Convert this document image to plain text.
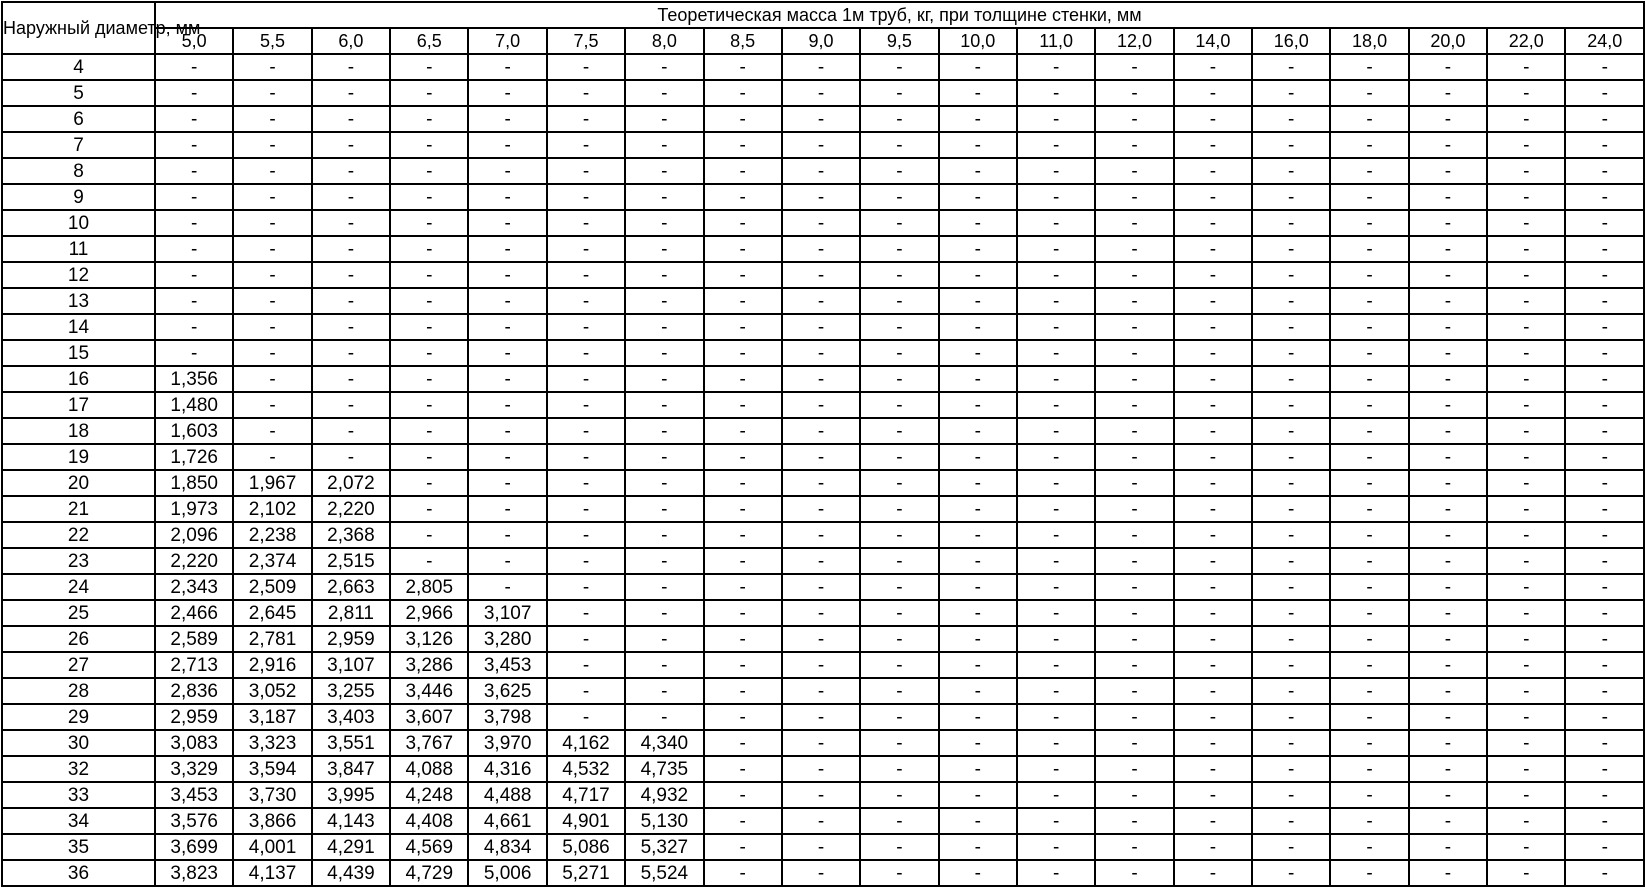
Наружный диаметр, мм	Теоретическая масса 1м труб, кг, при толщине стенки, мм																		
	5,0	5,5	6,0	6,5	7,0	7,5	8,0	8,5	9,0	9,5	10,0	11,0	12,0	14,0	16,0	18,0	20,0	22,0	24,0
4	-	-	-	-	-	-	-	-	-	-	-	-	-	-	-	-	-	-	-
5	-	-	-	-	-	-	-	-	-	-	-	-	-	-	-	-	-	-	-
6	-	-	-	-	-	-	-	-	-	-	-	-	-	-	-	-	-	-	-
7	-	-	-	-	-	-	-	-	-	-	-	-	-	-	-	-	-	-	-
8	-	-	-	-	-	-	-	-	-	-	-	-	-	-	-	-	-	-	-
9	-	-	-	-	-	-	-	-	-	-	-	-	-	-	-	-	-	-	-
10	-	-	-	-	-	-	-	-	-	-	-	-	-	-	-	-	-	-	-
11	-	-	-	-	-	-	-	-	-	-	-	-	-	-	-	-	-	-	-
12	-	-	-	-	-	-	-	-	-	-	-	-	-	-	-	-	-	-	-
13	-	-	-	-	-	-	-	-	-	-	-	-	-	-	-	-	-	-	-
14	-	-	-	-	-	-	-	-	-	-	-	-	-	-	-	-	-	-	-
15	-	-	-	-	-	-	-	-	-	-	-	-	-	-	-	-	-	-	-
16	1,356	-	-	-	-	-	-	-	-	-	-	-	-	-	-	-	-	-	-
17	1,480	-	-	-	-	-	-	-	-	-	-	-	-	-	-	-	-	-	-
18	1,603	-	-	-	-	-	-	-	-	-	-	-	-	-	-	-	-	-	-
19	1,726	-	-	-	-	-	-	-	-	-	-	-	-	-	-	-	-	-	-
20	1,850	1,967	2,072	-	-	-	-	-	-	-	-	-	-	-	-	-	-	-	-
21	1,973	2,102	2,220	-	-	-	-	-	-	-	-	-	-	-	-	-	-	-	-
22	2,096	2,238	2,368	-	-	-	-	-	-	-	-	-	-	-	-	-	-	-	-
23	2,220	2,374	2,515	-	-	-	-	-	-	-	-	-	-	-	-	-	-	-	-
24	2,343	2,509	2,663	2,805	-	-	-	-	-	-	-	-	-	-	-	-	-	-	-
25	2,466	2,645	2,811	2,966	3,107	-	-	-	-	-	-	-	-	-	-	-	-	-	-
26	2,589	2,781	2,959	3,126	3,280	-	-	-	-	-	-	-	-	-	-	-	-	-	-
27	2,713	2,916	3,107	3,286	3,453	-	-	-	-	-	-	-	-	-	-	-	-	-	-
28	2,836	3,052	3,255	3,446	3,625	-	-	-	-	-	-	-	-	-	-	-	-	-	-
29	2,959	3,187	3,403	3,607	3,798	-	-	-	-	-	-	-	-	-	-	-	-	-	-
30	3,083	3,323	3,551	3,767	3,970	4,162	4,340	-	-	-	-	-	-	-	-	-	-	-	-
32	3,329	3,594	3,847	4,088	4,316	4,532	4,735	-	-	-	-	-	-	-	-	-	-	-	-
33	3,453	3,730	3,995	4,248	4,488	4,717	4,932	-	-	-	-	-	-	-	-	-	-	-	-
34	3,576	3,866	4,143	4,408	4,661	4,901	5,130	-	-	-	-	-	-	-	-	-	-	-	-
35	3,699	4,001	4,291	4,569	4,834	5,086	5,327	-	-	-	-	-	-	-	-	-	-	-	-
36	3,823	4,137	4,439	4,729	5,006	5,271	5,524	-	-	-	-	-	-	-	-	-	-	-	-
